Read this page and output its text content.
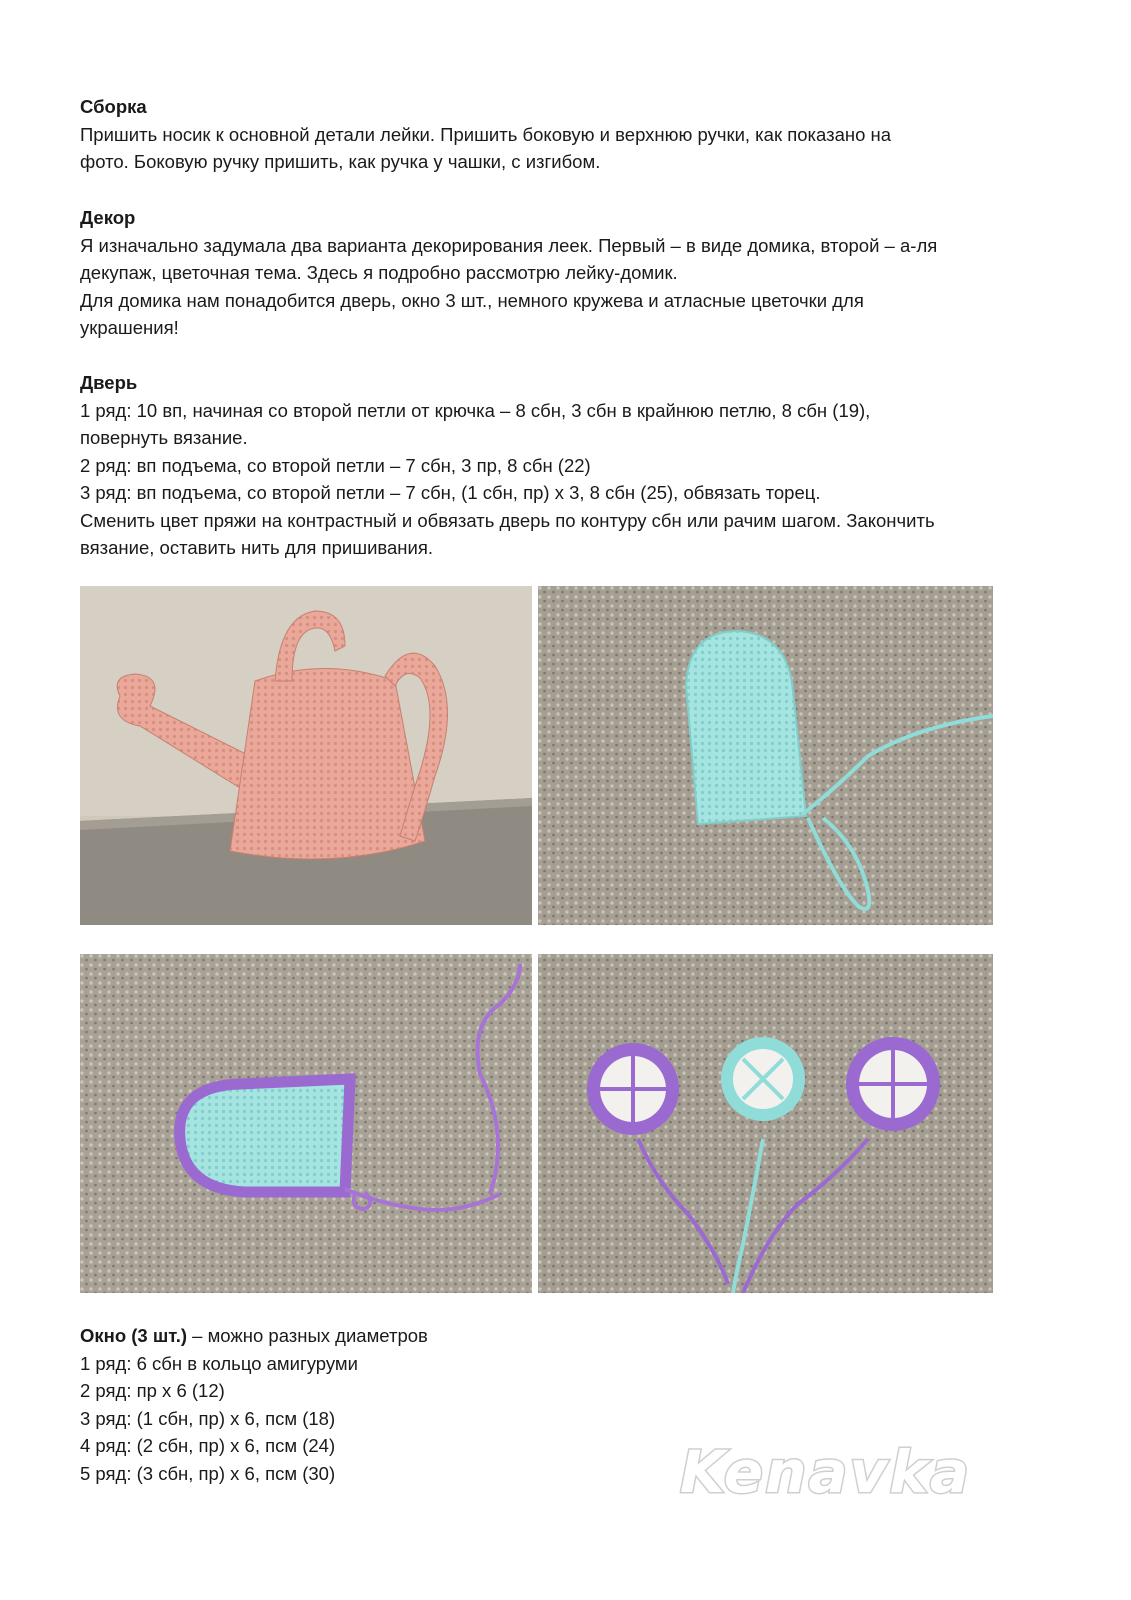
Сборка
Пришить носик к основной детали лейки. Пришить боковую и верхнюю ручки, как показано на
фото. Боковую ручку пришить, как ручка у чашки, с изгибом.
Декор
Я изначально задумала два варианта декорирования леек. Первый – в виде домика, второй – а-ля
декупаж, цветочная тема. Здесь я подробно рассмотрю лейку-домик.
Для домика нам понадобится дверь, окно 3 шт., немного кружева и атласные цветочки для
украшения!
Дверь
1 ряд: 10 вп, начиная со второй петли от крючка – 8 сбн, 3 сбн в крайнюю петлю, 8 сбн (19),
повернуть вязание.
2 ряд: вп подъема, со второй петли – 7 сбн, 3 пр, 8 сбн (22)
3 ряд: вп подъема, со второй петли – 7 сбн, (1 сбн, пр) х 3, 8 сбн (25), обвязать торец.
Сменить цвет пряжи на контрастный и обвязать дверь по контуру сбн или рачим шагом. Закончить
вязание, оставить нить для пришивания.
Окно (3 шт.) – можно разных диаметров
1 ряд: 6 сбн в кольцо амигуруми
2 ряд: пр х 6 (12)
3 ряд: (1 сбн, пр) х 6, псм (18)
4 ряд: (2 сбн, пр) х 6, псм (24)
5 ряд: (3 сбн, пр) х 6, псм (30)	Kenavka
